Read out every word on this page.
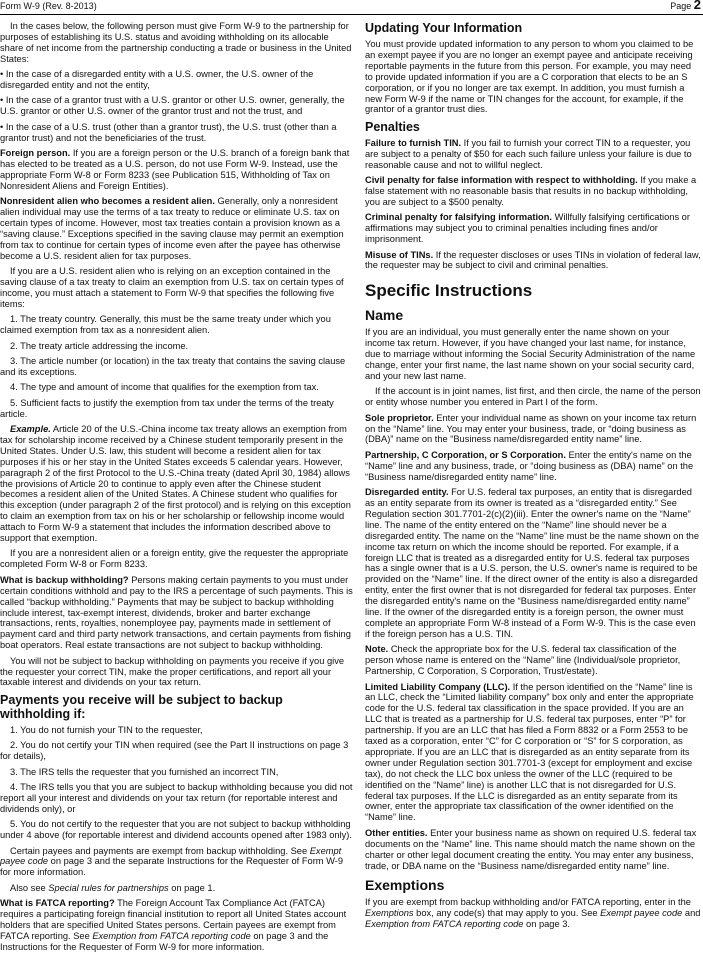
Form W-9 (Rev. 8-2013)	Page 2

In the cases below, the following person must give Form W-9 to the partnership for purposes of establishing its U.S. status and avoiding withholding on its allocable share of net income from the partnership conducting a trade or business in the United States:

• In the case of a disregarded entity with a U.S. owner, the U.S. owner of the disregarded entity and not the entity,

• In the case of a grantor trust with a U.S. grantor or other U.S. owner, generally, the U.S. grantor or other U.S. owner of the grantor trust and not the trust, and

• In the case of a U.S. trust (other than a grantor trust), the U.S. trust (other than a grantor trust) and not the beneficiaries of the trust.

Foreign person. If you are a foreign person or the U.S. branch of a foreign bank that has elected to be treated as a U.S. person, do not use Form W-9. Instead, use the appropriate Form W-8 or Form 8233 (see Publication 515, Withholding of Tax on Nonresident Aliens and Foreign Entities).

Nonresident alien who becomes a resident alien. Generally, only a nonresident alien individual may use the terms of a tax treaty to reduce or eliminate U.S. tax on certain types of income. However, most tax treaties contain a provision known as a “saving clause.” Exceptions specified in the saving clause may permit an exemption from tax to continue for certain types of income even after the payee has otherwise become a U.S. resident alien for tax purposes.

If you are a U.S. resident alien who is relying on an exception contained in the saving clause of a tax treaty to claim an exemption from U.S. tax on certain types of income, you must attach a statement to Form W-9 that specifies the following five items:

1. The treaty country. Generally, this must be the same treaty under which you claimed exemption from tax as a nonresident alien.

2. The treaty article addressing the income.

3. The article number (or location) in the tax treaty that contains the saving clause and its exceptions.

4. The type and amount of income that qualifies for the exemption from tax.

5. Sufficient facts to justify the exemption from tax under the terms of the treaty article.

Example. Article 20 of the U.S.-China income tax treaty allows an exemption from tax for scholarship income received by a Chinese student temporarily present in the United States. Under U.S. law, this student will become a resident alien for tax purposes if his or her stay in the United States exceeds 5 calendar years. However, paragraph 2 of the first Protocol to the U.S.-China treaty (dated April 30, 1984) allows the provisions of Article 20 to continue to apply even after the Chinese student becomes a resident alien of the United States. A Chinese student who qualifies for this exception (under paragraph 2 of the first protocol) and is relying on this exception to claim an exemption from tax on his or her scholarship or fellowship income would attach to Form W-9 a statement that includes the information described above to support that exemption.

If you are a nonresident alien or a foreign entity, give the requester the appropriate completed Form W-8 or Form 8233.

What is backup withholding? Persons making certain payments to you must under certain conditions withhold and pay to the IRS a percentage of such payments. This is called “backup withholding.” Payments that may be subject to backup withholding include interest, tax-exempt interest, dividends, broker and barter exchange transactions, rents, royalties, nonemployee pay, payments made in settlement of payment card and third party network transactions, and certain payments from fishing boat operators. Real estate transactions are not subject to backup withholding.

You will not be subject to backup withholding on payments you receive if you give the requester your correct TIN, make the proper certifications, and report all your taxable interest and dividends on your tax return.

Payments you receive will be subject to backup withholding if:

1. You do not furnish your TIN to the requester,

2. You do not certify your TIN when required (see the Part II instructions on page 3 for details),

3. The IRS tells the requester that you furnished an incorrect TIN,

4. The IRS tells you that you are subject to backup withholding because you did not report all your interest and dividends on your tax return (for reportable interest and dividends only), or

5. You do not certify to the requester that you are not subject to backup withholding under 4 above (for reportable interest and dividend accounts opened after 1983 only).

Certain payees and payments are exempt from backup withholding. See Exempt payee code on page 3 and the separate Instructions for the Requester of Form W-9 for more information.

Also see Special rules for partnerships on page 1.

What is FATCA reporting? The Foreign Account Tax Compliance Act (FATCA) requires a participating foreign financial institution to report all United States account holders that are specified United States persons. Certain payees are exempt from FATCA reporting. See Exemption from FATCA reporting code on page 3 and the Instructions for the Requester of Form W-9 for more information.

Updating Your Information

You must provide updated information to any person to whom you claimed to be an exempt payee if you are no longer an exempt payee and anticipate receiving reportable payments in the future from this person. For example, you may need to provide updated information if you are a C corporation that elects to be an S corporation, or if you no longer are tax exempt. In addition, you must furnish a new Form W-9 if the name or TIN changes for the account, for example, if the grantor of a grantor trust dies.

Penalties

Failure to furnish TIN. If you fail to furnish your correct TIN to a requester, you are subject to a penalty of $50 for each such failure unless your failure is due to reasonable cause and not to willful neglect.

Civil penalty for false information with respect to withholding. If you make a false statement with no reasonable basis that results in no backup withholding, you are subject to a $500 penalty.

Criminal penalty for falsifying information. Willfully falsifying certifications or affirmations may subject you to criminal penalties including fines and/or imprisonment.

Misuse of TINs. If the requester discloses or uses TINs in violation of federal law, the requester may be subject to civil and criminal penalties.

Specific Instructions
Name

If you are an individual, you must generally enter the name shown on your income tax return. However, if you have changed your last name, for instance, due to marriage without informing the Social Security Administration of the name change, enter your first name, the last name shown on your social security card, and your new last name.

If the account is in joint names, list first, and then circle, the name of the person or entity whose number you entered in Part I of the form.

Sole proprietor. Enter your individual name as shown on your income tax return on the “Name” line. You may enter your business, trade, or “doing business as (DBA)” name on the “Business name/disregarded entity name” line.

Partnership, C Corporation, or S Corporation. Enter the entity's name on the “Name” line and any business, trade, or “doing business as (DBA) name” on the “Business name/disregarded entity name” line.

Disregarded entity. For U.S. federal tax purposes, an entity that is disregarded as an entity separate from its owner is treated as a “disregarded entity.” See Regulation section 301.7701-2(c)(2)(iii). Enter the owner's name on the “Name” line. The name of the entity entered on the “Name” line should never be a disregarded entity. The name on the “Name” line must be the name shown on the income tax return on which the income should be reported. For example, if a foreign LLC that is treated as a disregarded entity for U.S. federal tax purposes has a single owner that is a U.S. person, the U.S. owner's name is required to be provided on the “Name” line. If the direct owner of the entity is also a disregarded entity, enter the first owner that is not disregarded for federal tax purposes. Enter the disregarded entity's name on the “Business name/disregarded entity name” line. If the owner of the disregarded entity is a foreign person, the owner must complete an appropriate Form W-8 instead of a Form W-9. This is the case even if the foreign person has a U.S. TIN.

Note. Check the appropriate box for the U.S. federal tax classification of the person whose name is entered on the “Name” line (Individual/sole proprietor, Partnership, C Corporation, S Corporation, Trust/estate).

Limited Liability Company (LLC). If the person identified on the “Name” line is an LLC, check the “Limited liability company” box only and enter the appropriate code for the U.S. federal tax classification in the space provided. If you are an LLC that is treated as a partnership for U.S. federal tax purposes, enter “P” for partnership. If you are an LLC that has filed a Form 8832 or a Form 2553 to be taxed as a corporation, enter “C” for C corporation or “S” for S corporation, as appropriate. If you are an LLC that is disregarded as an entity separate from its owner under Regulation section 301.7701-3 (except for employment and excise tax), do not check the LLC box unless the owner of the LLC (required to be identified on the “Name” line) is another LLC that is not disregarded for U.S. federal tax purposes. If the LLC is disregarded as an entity separate from its owner, enter the appropriate tax classification of the owner identified on the “Name” line.

Other entities. Enter your business name as shown on required U.S. federal tax documents on the “Name” line. This name should match the name shown on the charter or other legal document creating the entity. You may enter any business, trade, or DBA name on the “Business name/disregarded entity name” line.

Exemptions

If you are exempt from backup withholding and/or FATCA reporting, enter in the Exemptions box, any code(s) that may apply to you. See Exempt payee code and Exemption from FATCA reporting code on page 3.
